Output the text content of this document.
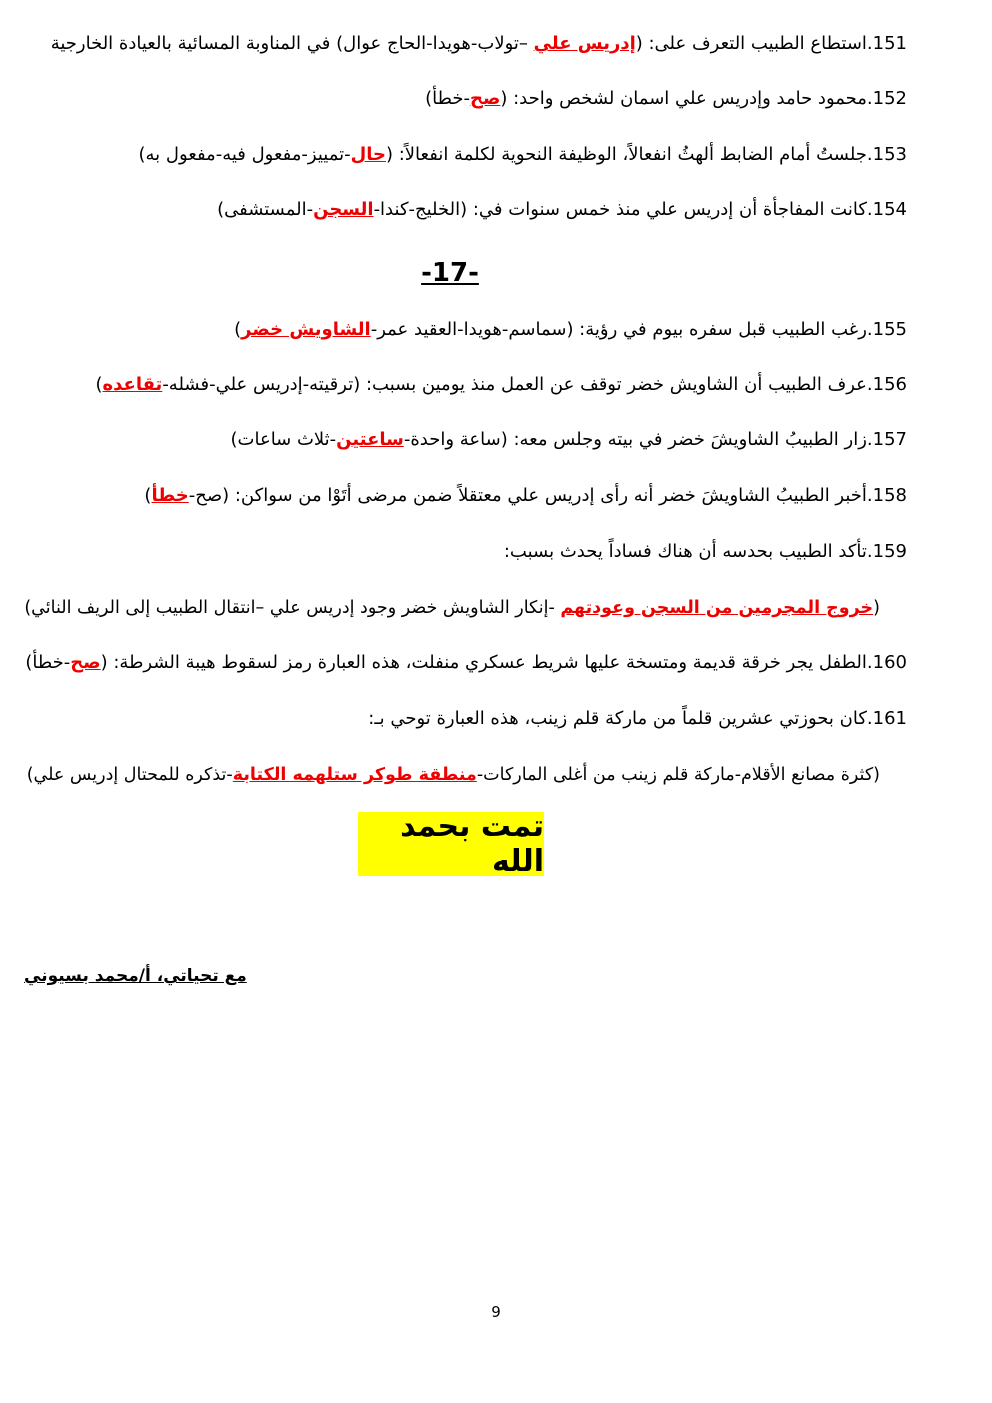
151.استطاع الطبيب التعرف على: (إدريس علي –تولاب-هويدا-الحاج عوال) في المناوبة المسائية بالعيادة الخارجية
152.محمود حامد وإدريس علي اسمان لشخص واحد: (صح-خطأ)
153.جلستُ أمام الضابط ألهثُ انفعالاً، الوظيفة النحوية لكلمة انفعالاً: (حال-تمييز-مفعول فيه-مفعول به)
154.كانت المفاجأة أن إدريس علي منذ خمس سنوات في: (الخليج-كندا-السجن-المستشفى)
-17-
155.رغب الطبيب قبل سفره بيوم في رؤية: (سماسم-هويدا-العقيد عمر-الشاويش خضر)
156.عرف الطبيب أن الشاويش خضر توقف عن العمل منذ يومين بسبب: (ترقيته-إدريس علي-فشله-تقاعده)
157.زار الطبيبُ الشاويشَ خضر في بيته وجلس معه: (ساعة واحدة-ساعتين-ثلاث ساعات)
158.أخبر الطبيبُ الشاويشَ خضر أنه رأى إدريس علي معتقلاً ضمن مرضى أتَوْا من سواكن: (صح-خطأ)
159.تأكد الطبيب بحدسه أن هناك فساداً يحدث بسبب:
(خروج المجرمين من السجن وعودتهم -إنكار الشاويش خضر وجود إدريس علي –انتقال الطبيب إلى الريف النائي)
160.الطفل يجر خرقة قديمة ومتسخة عليها شريط عسكري منفلت، هذه العبارة رمز لسقوط هيبة الشرطة: (صح-خطأ)
161.كان بحوزتي عشرين قلماً من ماركة قلم زينب، هذه العبارة توحي بـ:
(كثرة مصانع الأقلام-ماركة قلم زينب من أغلى الماركات-منطقة طوكر ستلهمه الكتابة-تذكره للمحتال إدريس علي)
تمت بحمد الله
مع تحياتي، أ/محمد بسيوني
9
